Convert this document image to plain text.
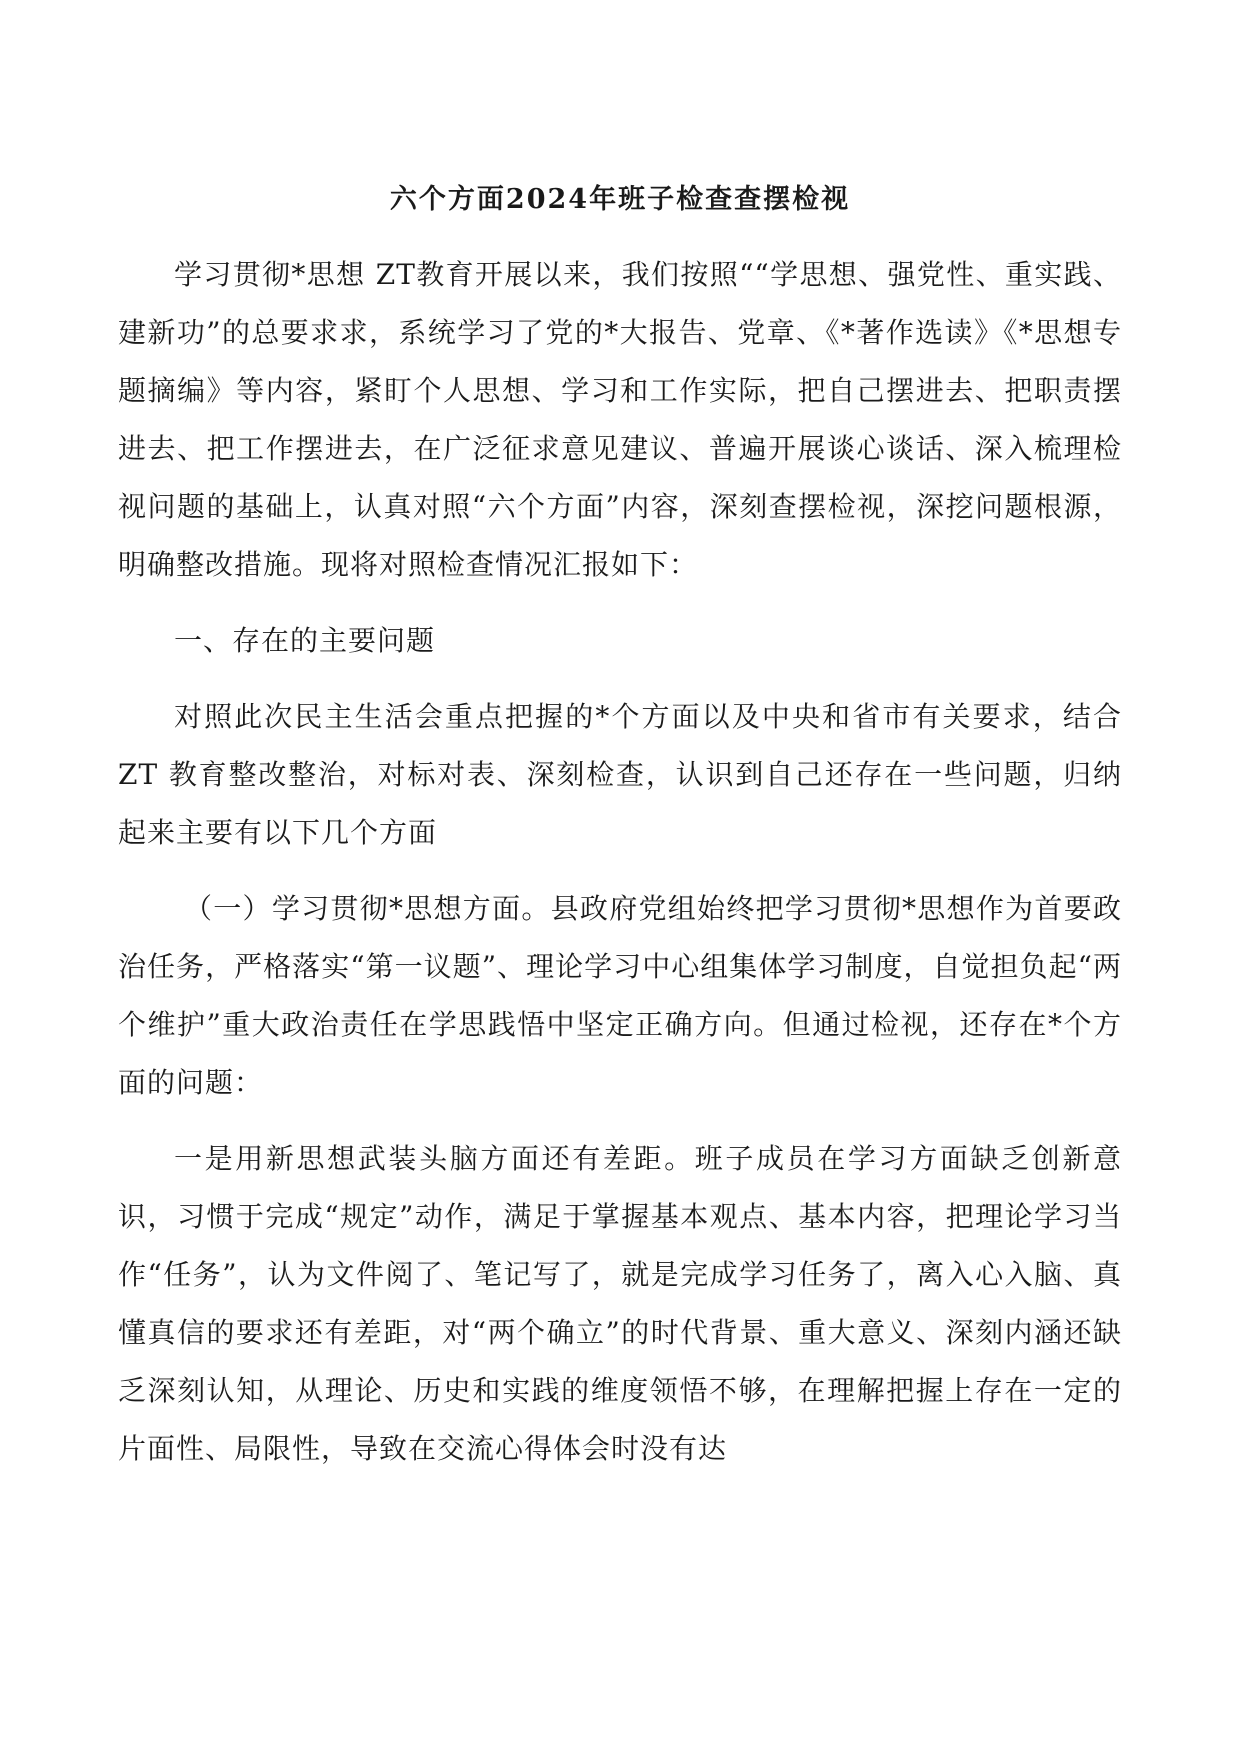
六个方面2024年班子检查查摆检视

学习贯彻*思想 ZT教育开展以来，我们按照““学思想、强党性、重实践、建新功”的总要求求，系统学习了党的*大报告、党章、《*著作选读》《*思想专题摘编》等内容，紧盯个人思想、学习和工作实际，把自己摆进去、把职责摆进去、把工作摆进去，在广泛征求意见建议、普遍开展谈心谈话、深入梳理检视问题的基础上，认真对照“六个方面”内容，深刻查摆检视，深挖问题根源，明确整改措施。现将对照检查情况汇报如下：

一、存在的主要问题

对照此次民主生活会重点把握的*个方面以及中央和省市有关要求，结合 ZT 教育整改整治，对标对表、深刻检查，认识到自己还存在一些问题，归纳起来主要有以下几个方面

（一）学习贯彻*思想方面。县政府党组始终把学习贯彻*思想作为首要政治任务，严格落实“第一议题”、理论学习中心组集体学习制度，自觉担负起“两个维护”重大政治责任在学思践悟中坚定正确方向。但通过检视，还存在*个方面的问题：

一是用新思想武装头脑方面还有差距。班子成员在学习方面缺乏创新意识，习惯于完成“规定”动作，满足于掌握基本观点、基本内容，把理论学习当作“任务”，认为文件阅了、笔记写了，就是完成学习任务了，离入心入脑、真懂真信的要求还有差距，对“两个确立”的时代背景、重大意义、深刻内涵还缺乏深刻认知，从理论、历史和实践的维度领悟不够，在理解把握上存在一定的片面性、局限性，导致在交流心得体会时没有达
